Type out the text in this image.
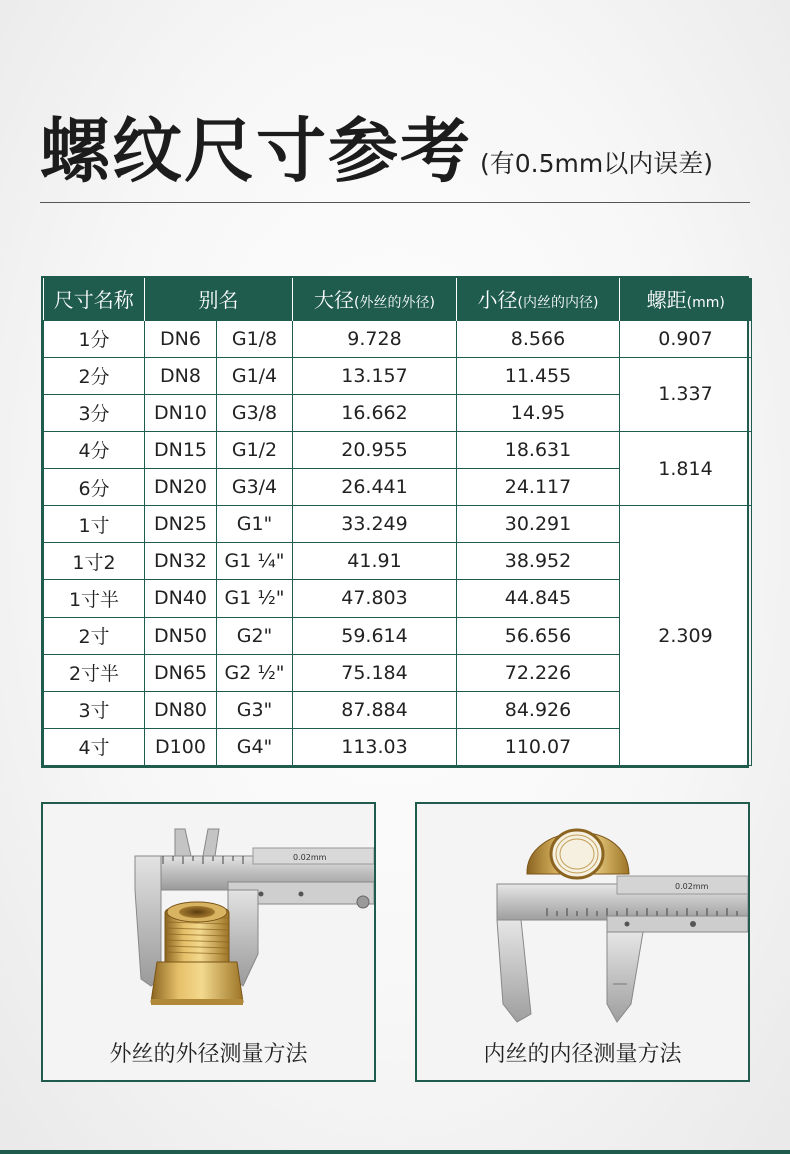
螺纹尺寸参考 (有0.5mm以内误差)
尺寸名称	别名		大径(外丝的外径)	小径(内丝的内径)	螺距(mm)
1分	DN6	G1/8	9.728	8.566	0.907
2分	DN8	G1/4	13.157	11.455	1.337
3分	DN10	G3/8	16.662	14.95	
4分	DN15	G1/2	20.955	18.631	1.814
6分	DN20	G3/4	26.441	24.117	
1寸	DN25	G1"	33.249	30.291	2.309
1寸2	DN32	G1 ¼"	41.91	38.952	
1寸半	DN40	G1 ½"	47.803	44.845	
2寸	DN50	G2"	59.614	56.656	
2寸半	DN65	G2 ½"	75.184	72.226	
3寸	DN80	G3"	87.884	84.926	
4寸	D100	G4"	113.03	110.07	
0.02mm
外丝的外径测量方法
0.02mm
内丝的内径测量方法
